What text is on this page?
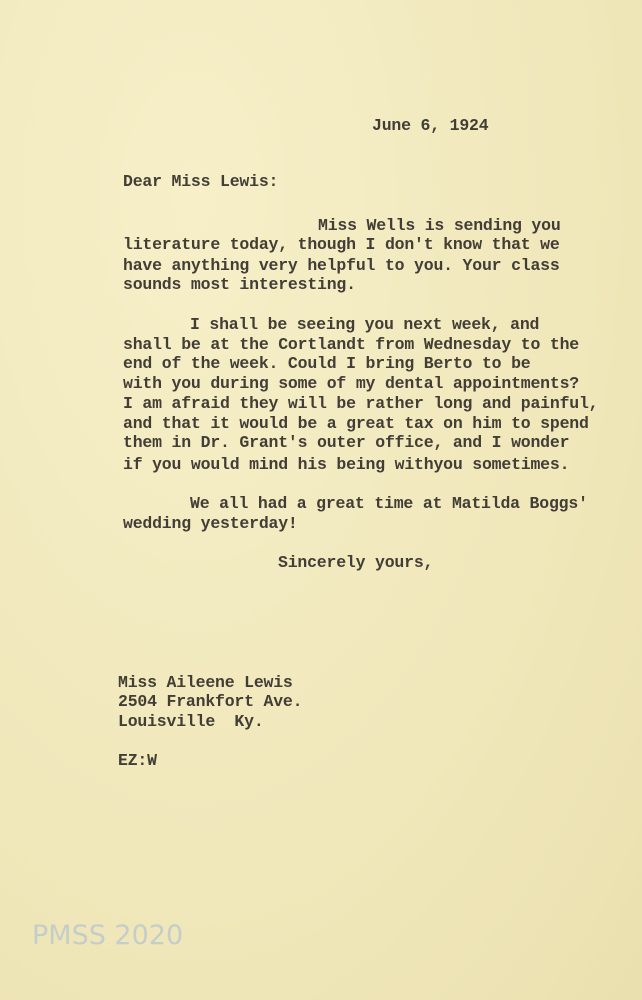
June 6, 1924
Dear Miss Lewis:
Miss Wells is sending you
literature today, though I don't know that we
have anything very helpful to you. Your class
sounds most interesting.
I shall be seeing you next week, and
shall be at the Cortlandt from Wednesday to the
end of the week. Could I bring Berto to be
with you during some of my dental appointments?
I am afraid they will be rather long and painful,
and that it would be a great tax on him to spend
them in Dr. Grant's outer office, and I wonder
if you would mind his being withyou sometimes.
We all had a great time at Matilda Boggs'
wedding yesterday!
Sincerely yours,
Miss Aileene Lewis
2504 Frankfort Ave.
Louisville  Ky.
EZ:W
PMSS 2020
